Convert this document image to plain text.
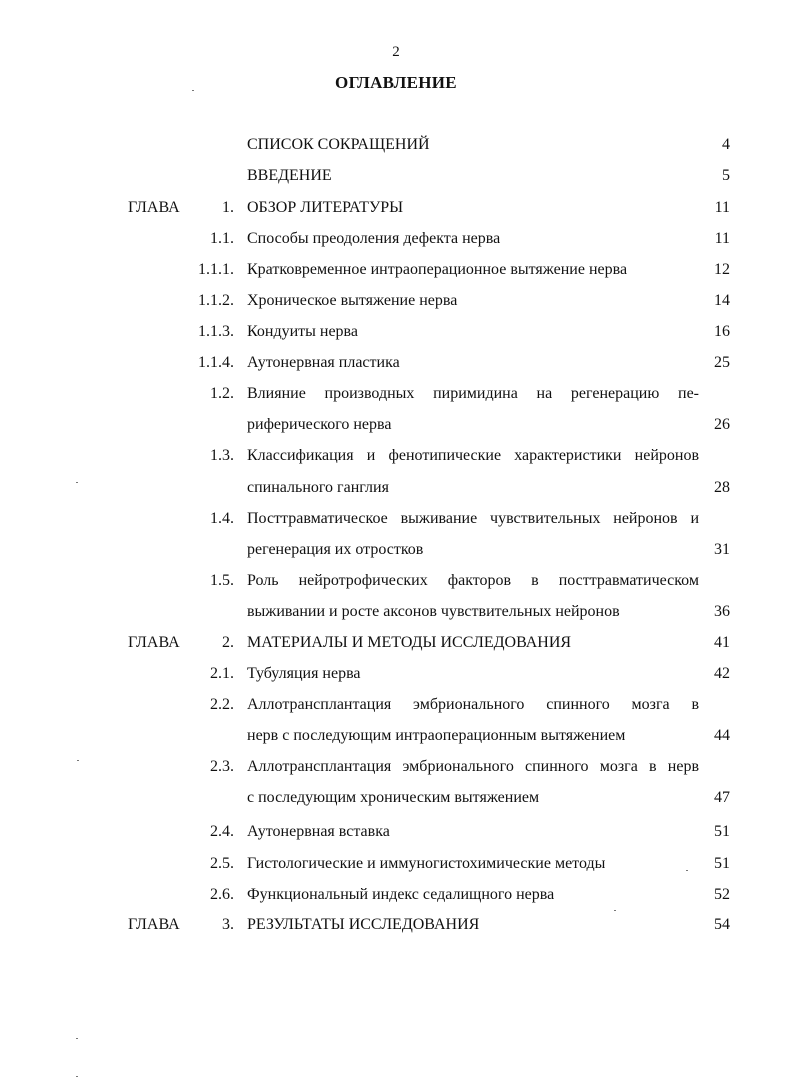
2
ОГЛАВЛЕНИЕ
СПИСОК СОКРАЩЕНИЙ	4
ВВЕДЕНИЕ	5
ГЛАВА	1. ОБЗОР ЛИТЕРАТУРЫ	11
1.1. Способы преодоления дефекта нерва	11
1.1.1. Кратковременное интраоперационное вытяжение нерва	12
1.1.2. Хроническое вытяжение нерва	14
1.1.3. Кондуиты нерва	16
1.1.4. Аутонервная пластика	25
1.2. Влияние производных пиримидина на регенерацию пе-
риферического нерва	26
1.3. Классификация и фенотипические характеристики нейронов
спинального ганглия	28
1.4. Посттравматическое выживание чувствительных нейронов и
регенерация их отростков	31
1.5. Роль нейротрофических факторов в посттравматическом
выживании и росте аксонов чувствительных нейронов	36
ГЛАВА	2. МАТЕРИАЛЫ И МЕТОДЫ ИССЛЕДОВАНИЯ	41
2.1. Тубуляция нерва	42
2.2. Аллотрансплантация эмбрионального спинного мозга в
нерв с последующим интраоперационным вытяжением	44
2.3. Аллотрансплантация эмбрионального спинного мозга в нерв
с последующим хроническим вытяжением	47
2.4. Аутонервная вставка	51
2.5. Гистологические и иммуногистохимические методы	51
2.6. Функциональный индекс седалищного нерва	52
ГЛАВА	3. РЕЗУЛЬТАТЫ ИССЛЕДОВАНИЯ	54
